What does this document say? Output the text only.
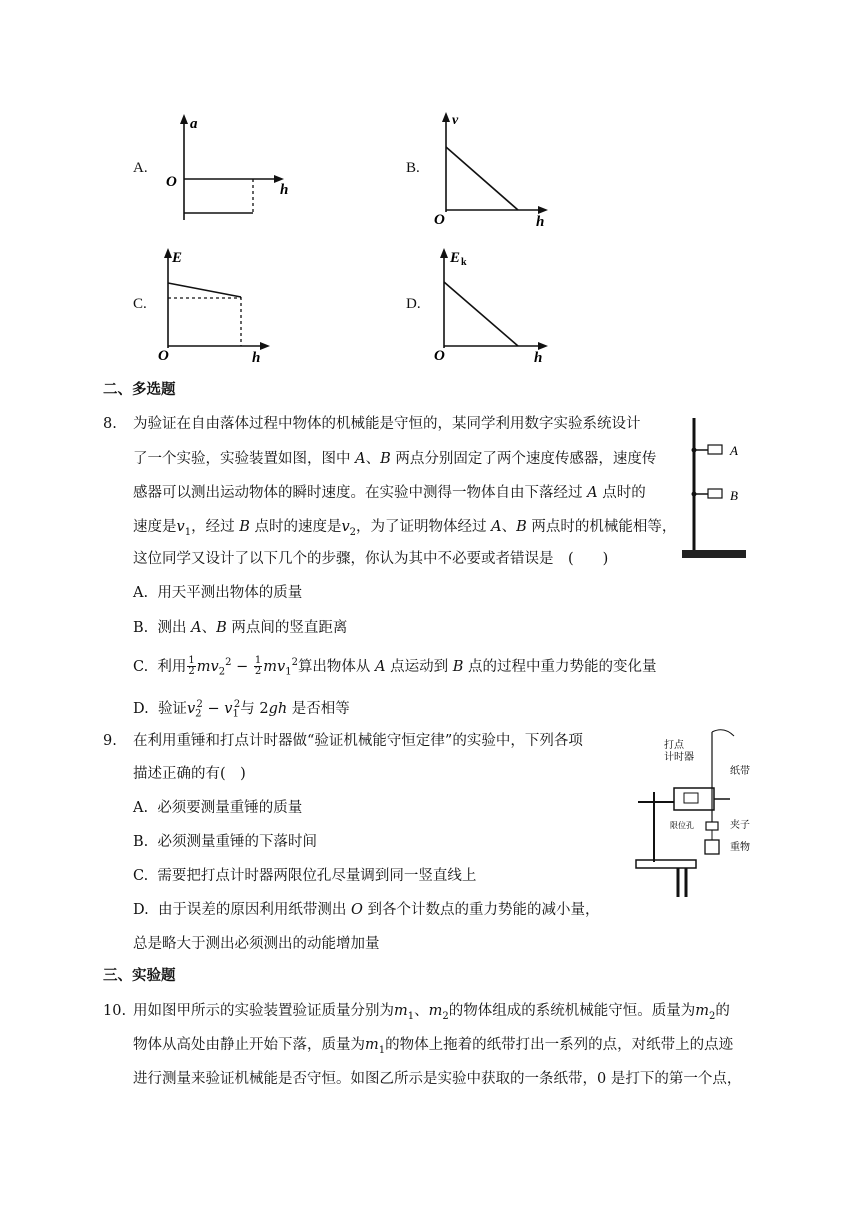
A.
a
O	h
B.
v
O	h
C.
E
O	h
D.
E k
O	h
二、多选题
8. 为验证在自由落体过程中物体的机械能是守恒的，某同学利用数字实验系统设计
了一个实验，实验装置如图，图中 A、B 两点分别固定了两个速度传感器，速度传
感器可以测出运动物体的瞬时速度。在实验中测得一物体自由下落经过 A 点时的
速度是$v_1$，经过 B 点时的速度是$v_2$，为了证明物体经过 A、B 两点时的机械能相等，
这位同学又设计了以下几个的步骤，你认为其中不必要或者错误是　(　　)
A
B
A. 用天平测出物体的质量
B. 测出 A、B 两点间的竖直距离
C. 利用 $\frac{1}{2} mv_2^2 - \frac{1}{2} mv_1^2$算出物体从 A 点运动到 B 点的过程中重力势能的变化量
D. 验证$v_2^2 - v_1^2$与 2gh 是否相等
9. 在利用重锤和打点计时器做“验证机械能守恒定律”的实验中，下列各项
描述正确的有(　)
打点
计时器
纸带
夹子
重物
限位孔
A. 必须要测量重锤的质量
B. 必须测量重锤的下落时间
C. 需要把打点计时器两限位孔尽量调到同一竖直线上
D. 由于误差的原因利用纸带测出 O 到各个计数点的重力势能的减小量，
总是略大于测出必须测出的动能增加量
三、实验题
10. 用如图甲所示的实验装置验证质量分别为$m_1$、$m_2$的物体组成的系统机械能守恒。质量为$m_2$的
物体从高处由静止开始下落，质量为$m_1$的物体上拖着的纸带打出一系列的点，对纸带上的点迹
进行测量来验证机械能是否守恒。如图乙所示是实验中获取的一条纸带，0 是打下的第一个点，
